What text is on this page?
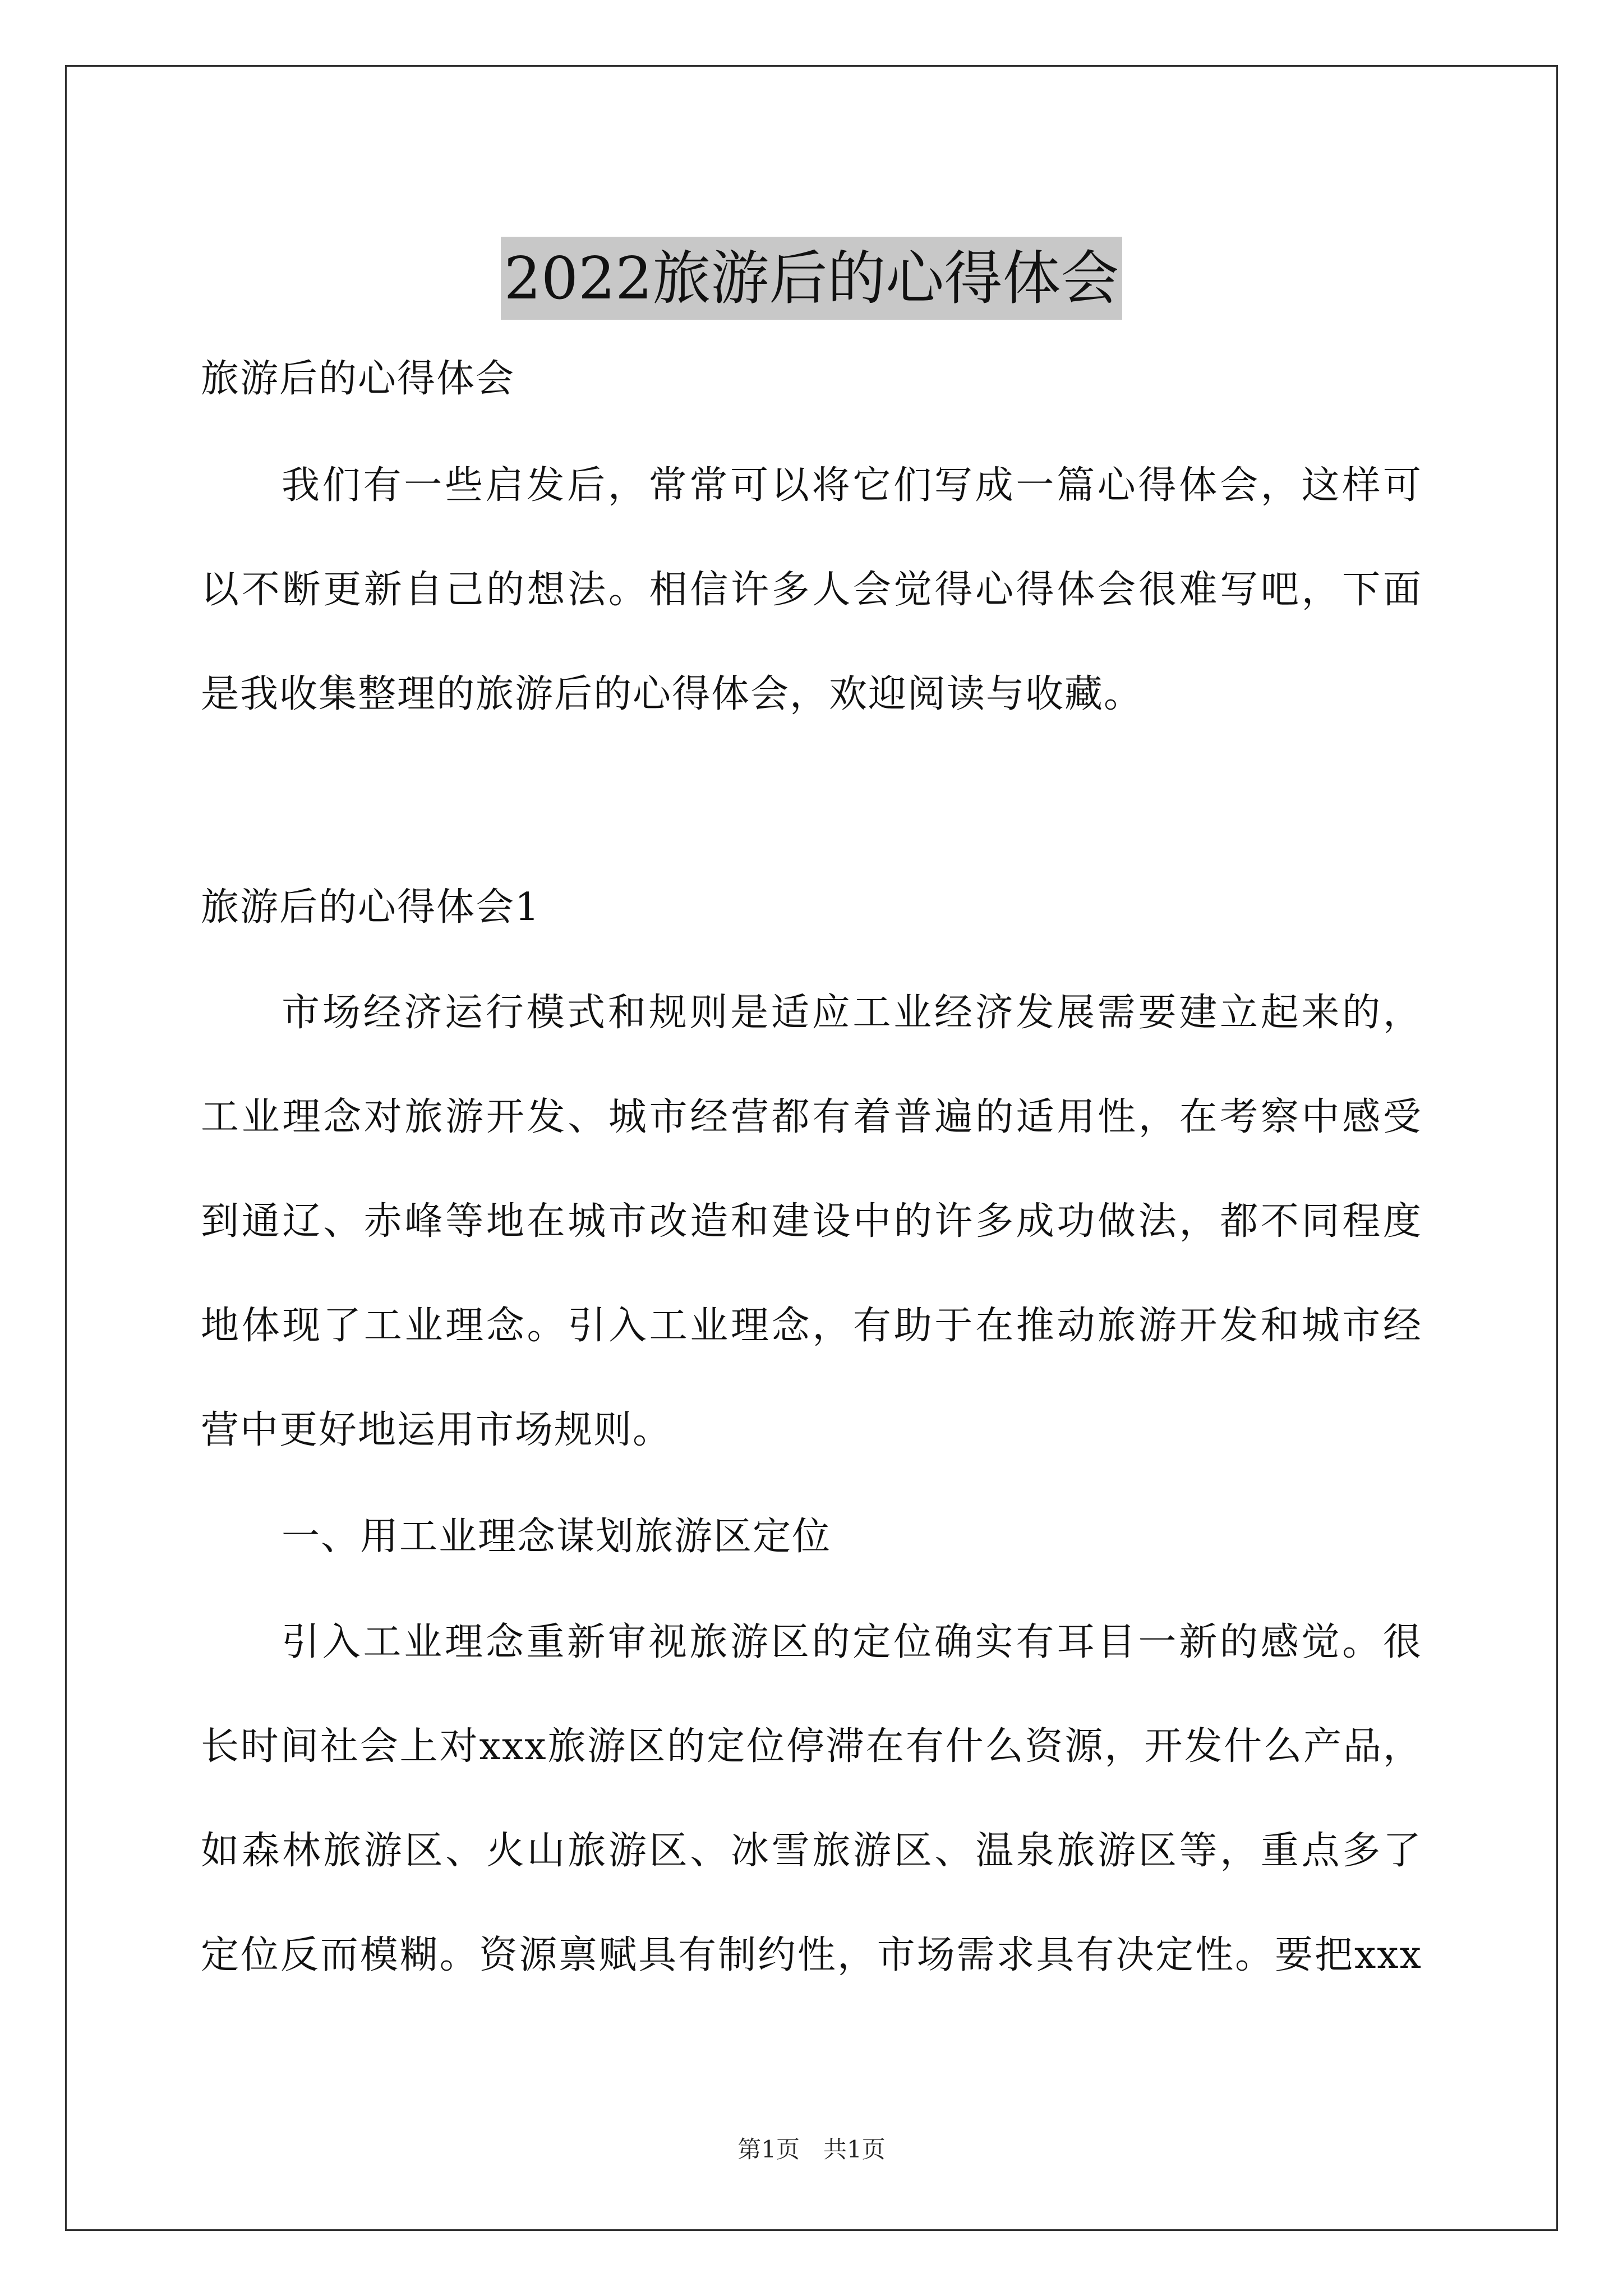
2022旅游后的心得体会
旅游后的心得体会
我们有一些启发后，常常可以将它们写成一篇心得体会，这样可
以不断更新自己的想法。相信许多人会觉得心得体会很难写吧，下面
是我收集整理的旅游后的心得体会，欢迎阅读与收藏。
旅游后的心得体会1
市场经济运行模式和规则是适应工业经济发展需要建立起来的，
工业理念对旅游开发、城市经营都有着普遍的适用性，在考察中感受
到通辽、赤峰等地在城市改造和建设中的许多成功做法，都不同程度
地体现了工业理念。引入工业理念，有助于在推动旅游开发和城市经
营中更好地运用市场规则。
一、用工业理念谋划旅游区定位
引入工业理念重新审视旅游区的定位确实有耳目一新的感觉。很
长时间社会上对xxx旅游区的定位停滞在有什么资源，开发什么产品，
如森林旅游区、火山旅游区、冰雪旅游区、温泉旅游区等，重点多了
定位反而模糊。资源禀赋具有制约性，市场需求具有决定性。要把xxx
第1页　共1页
